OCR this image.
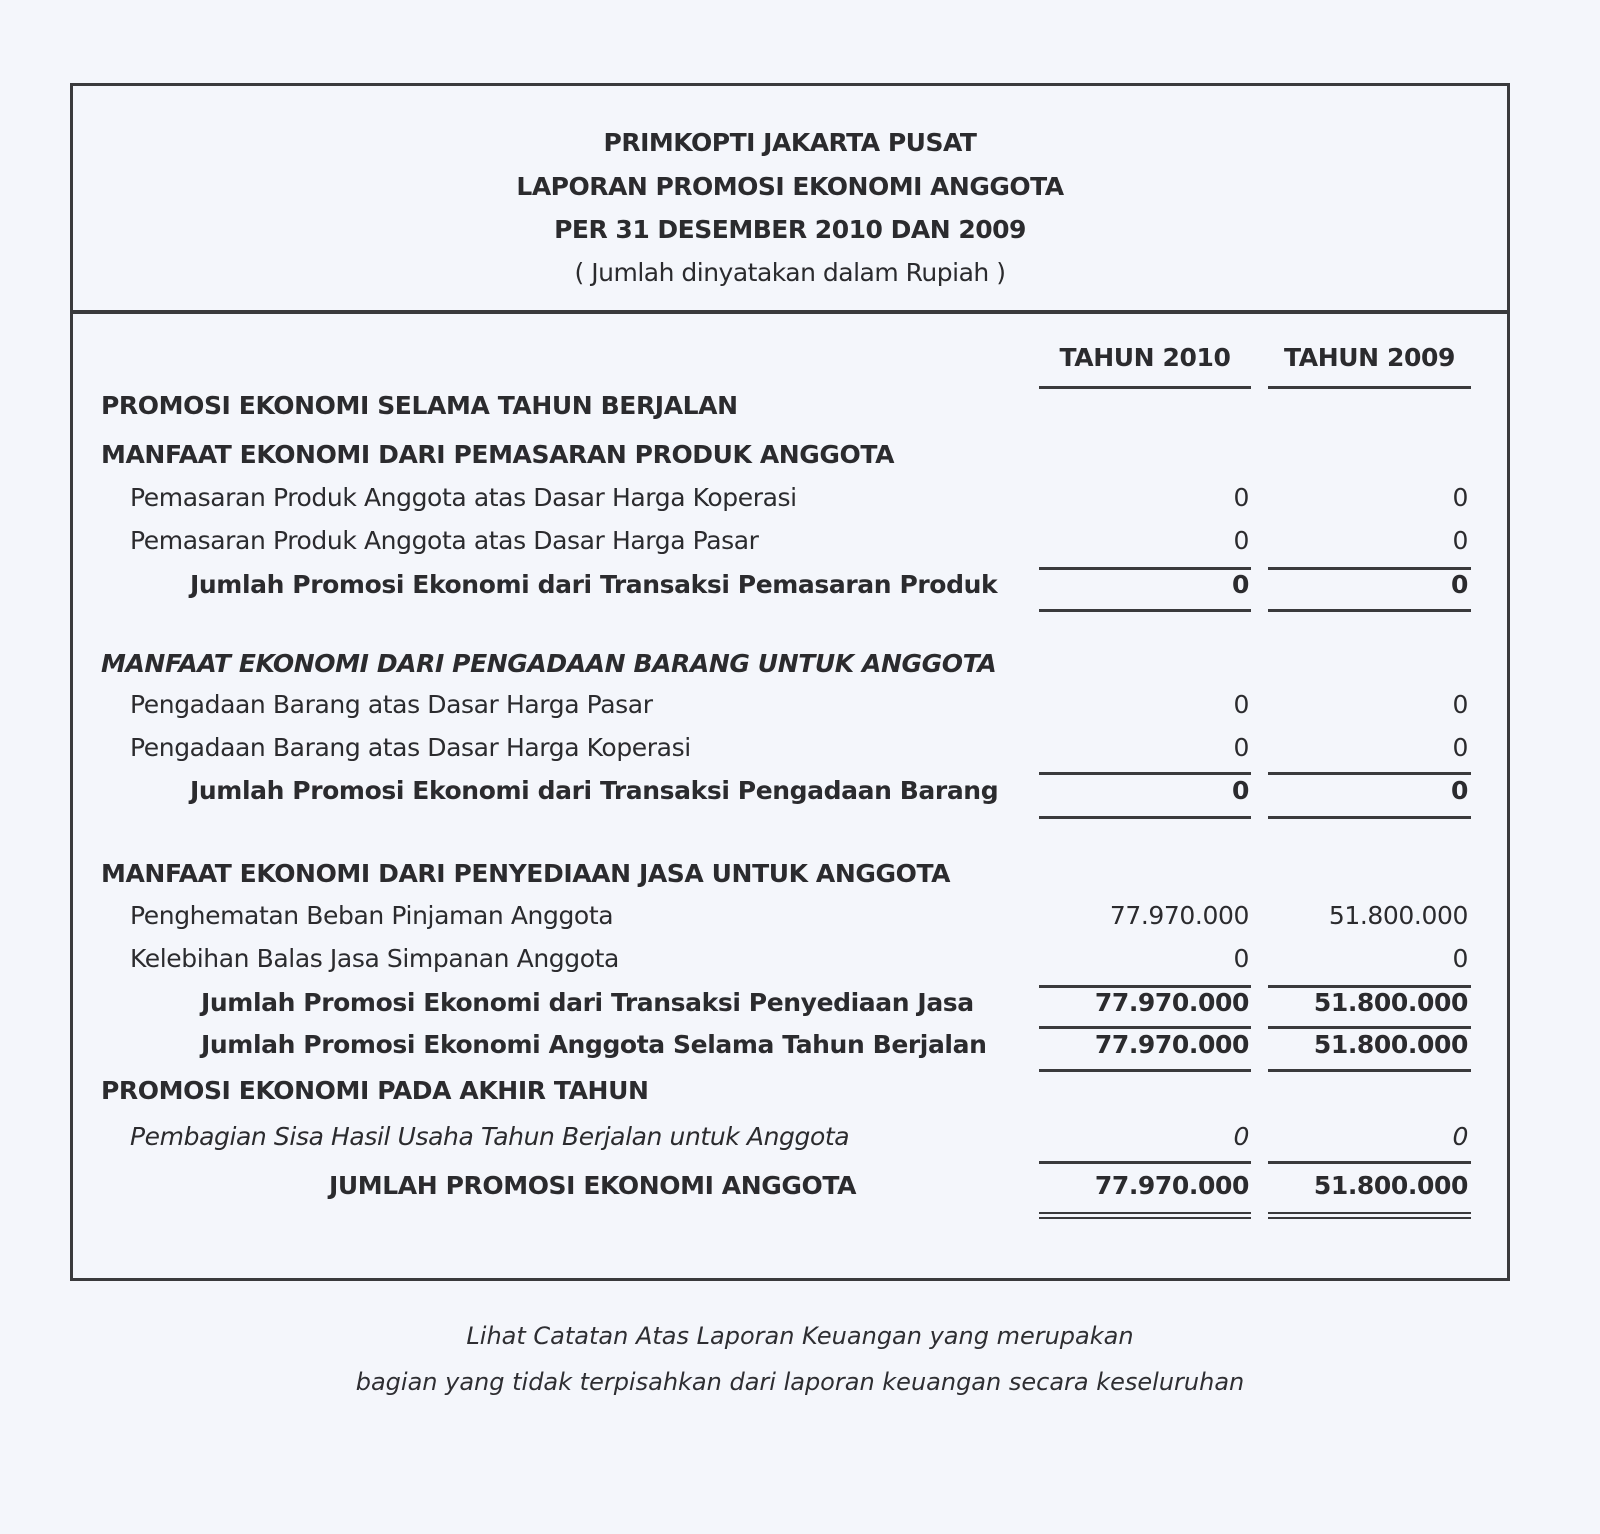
PRIMKOPTI JAKARTA PUSAT
LAPORAN PROMOSI EKONOMI ANGGOTA
PER 31 DESEMBER 2010 DAN 2009
( Jumlah dinyatakan dalam Rupiah )
TAHUN 2010	TAHUN 2009
PROMOSI EKONOMI SELAMA TAHUN BERJALAN
MANFAAT EKONOMI DARI PEMASARAN PRODUK ANGGOTA
Pemasaran Produk Anggota atas Dasar Harga Koperasi	0	0
Pemasaran Produk Anggota atas Dasar Harga Pasar	0	0
Jumlah Promosi Ekonomi dari Transaksi Pemasaran Produk	0	0
MANFAAT EKONOMI DARI PENGADAAN BARANG UNTUK ANGGOTA
Pengadaan Barang atas Dasar Harga Pasar	0	0
Pengadaan Barang atas Dasar Harga Koperasi	0	0
Jumlah Promosi Ekonomi dari Transaksi Pengadaan Barang	0	0
MANFAAT EKONOMI DARI PENYEDIAAN JASA UNTUK ANGGOTA
Penghematan Beban Pinjaman Anggota	77.970.000	51.800.000
Kelebihan Balas Jasa Simpanan Anggota	0	0
Jumlah Promosi Ekonomi dari Transaksi Penyediaan Jasa	77.970.000	51.800.000
Jumlah Promosi Ekonomi Anggota Selama Tahun Berjalan	77.970.000	51.800.000
PROMOSI EKONOMI PADA AKHIR TAHUN
Pembagian Sisa Hasil Usaha Tahun Berjalan untuk Anggota	0	0
JUMLAH PROMOSI EKONOMI ANGGOTA	77.970.000	51.800.000
Lihat Catatan Atas Laporan Keuangan yang merupakan
bagian yang tidak terpisahkan dari laporan keuangan secara keseluruhan
